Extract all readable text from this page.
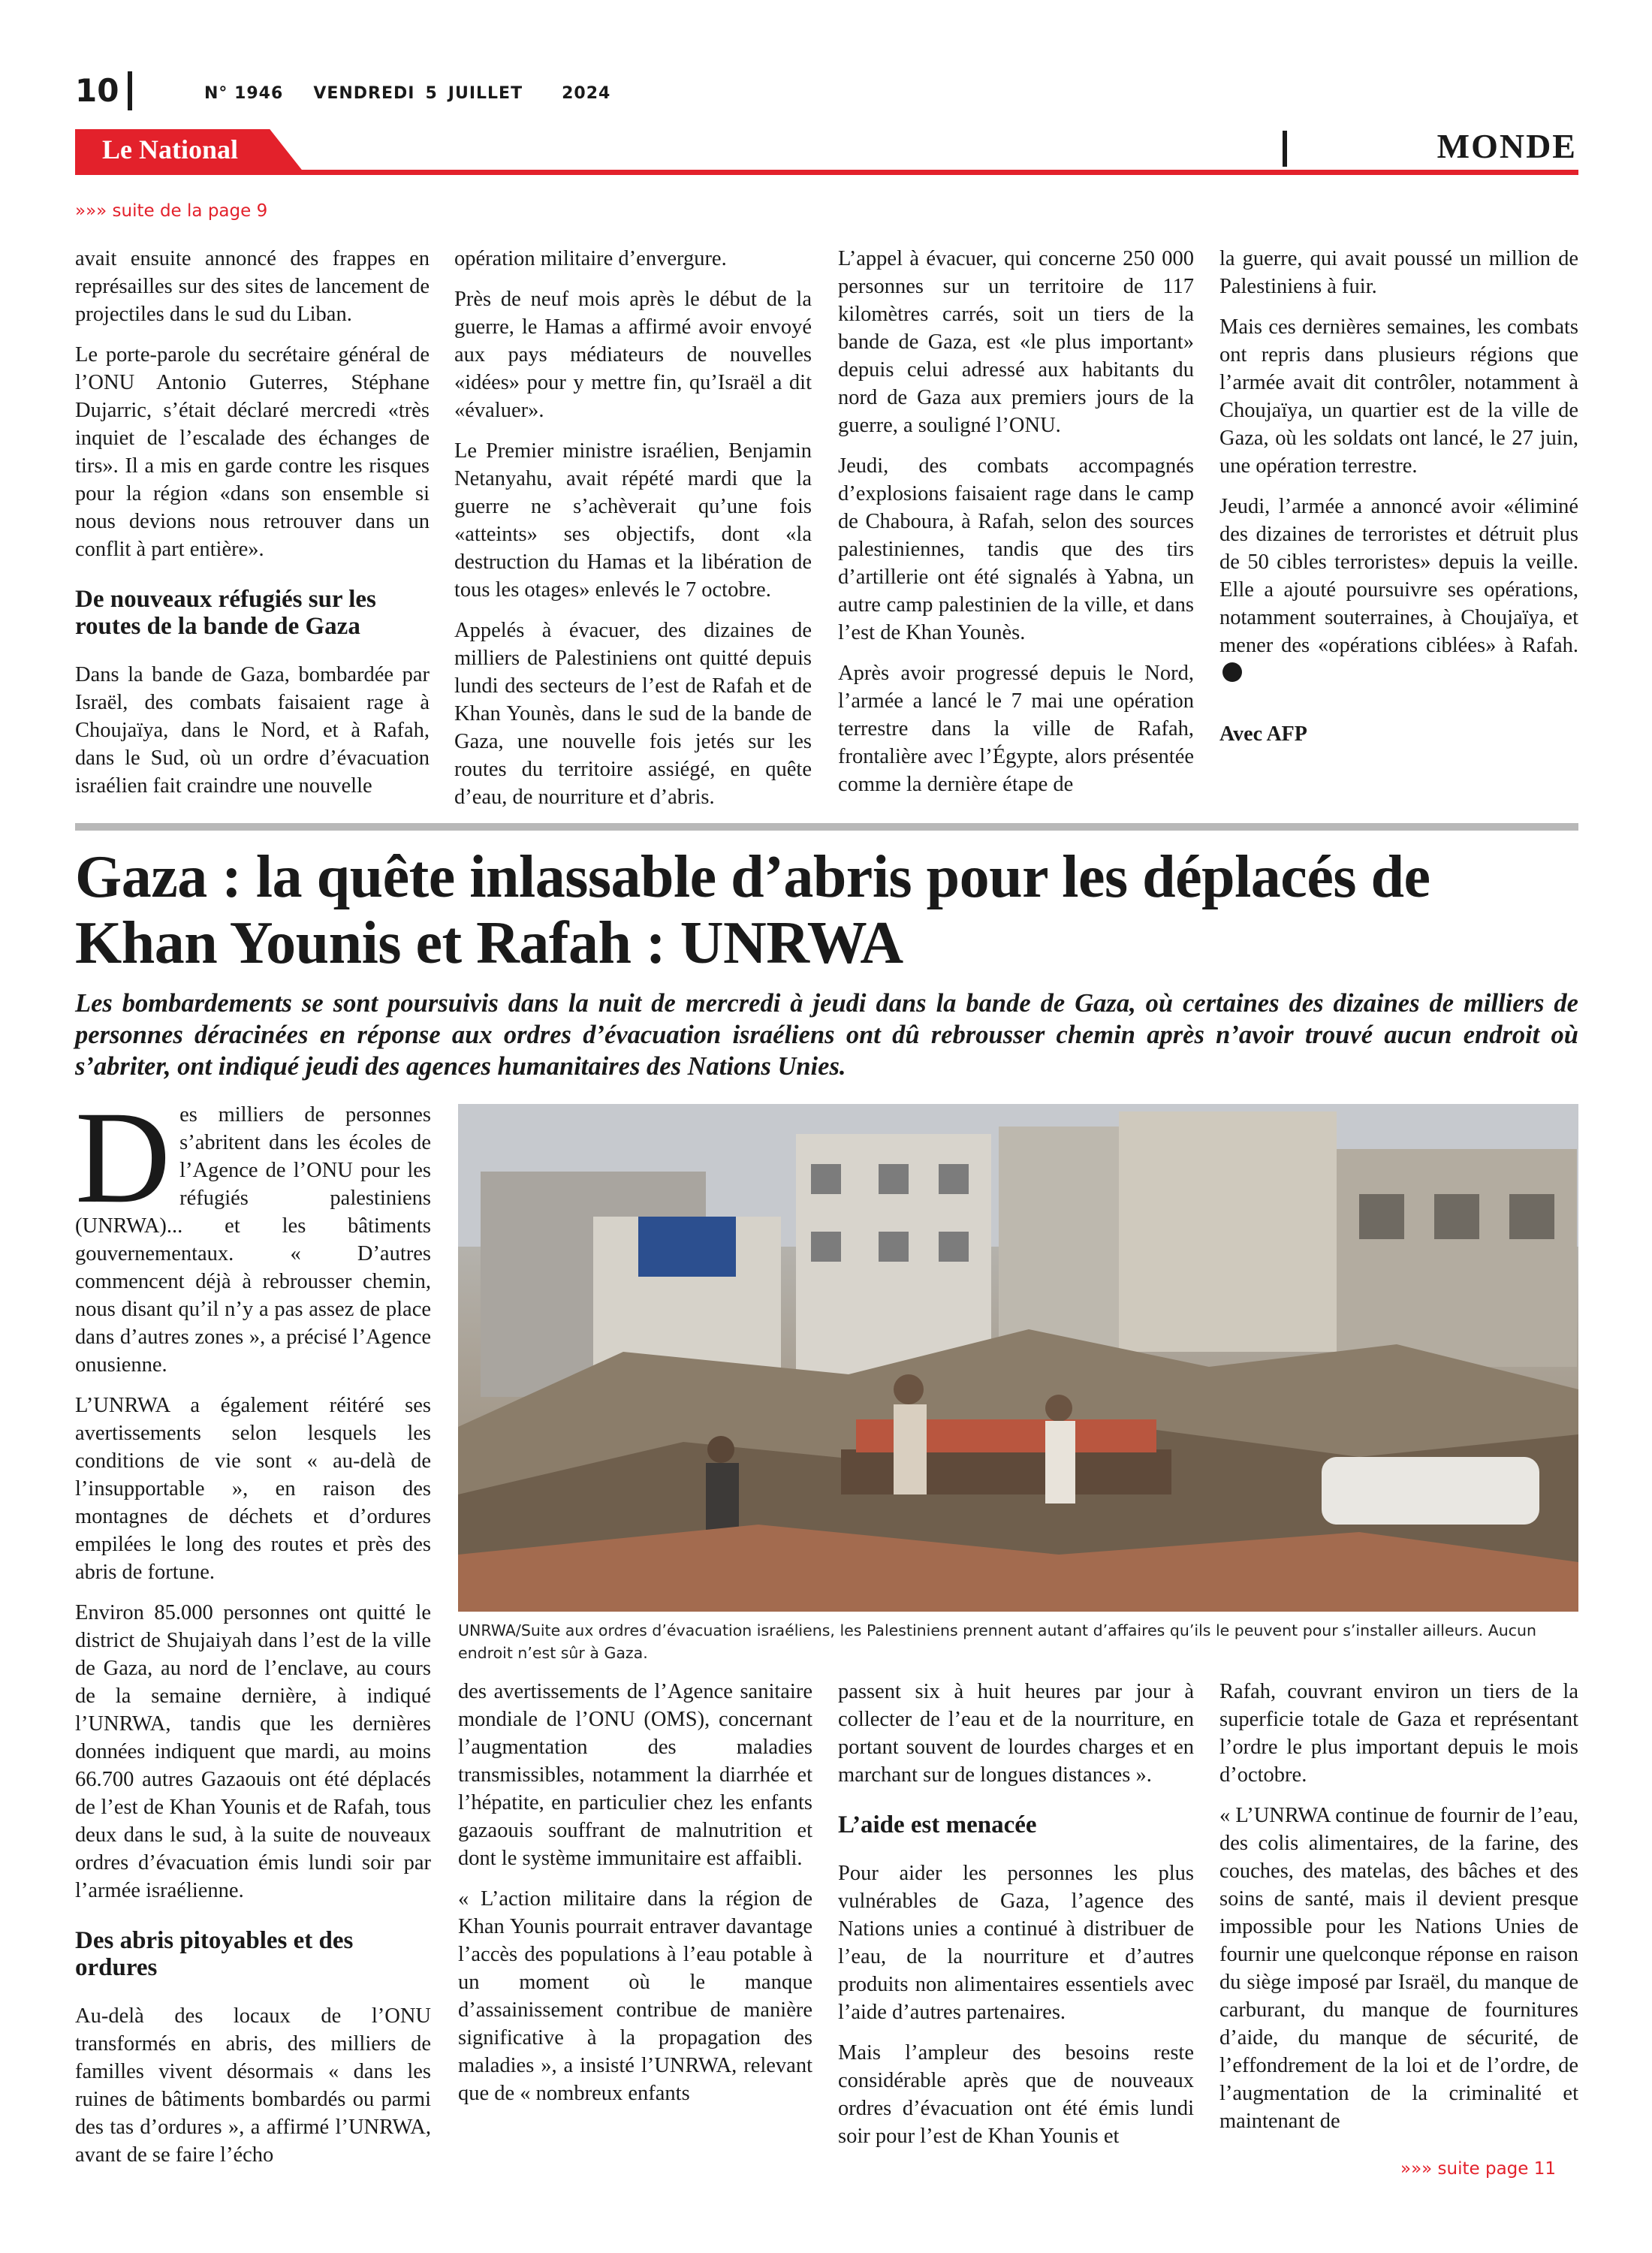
10	N° 1946 VENDREDI 5 JUILLET 2024
Le National	MONDE
»»» suite de la page 9

avait ensuite annoncé des frappes en représailles sur des sites de lancement de projectiles dans le sud du Liban.

Le porte-parole du secrétaire général de l’ONU Antonio Guterres, Stéphane Dujarric, s’était déclaré mercredi «très inquiet de l’escalade des échanges de tirs». Il a mis en garde contre les risques pour la région «dans son ensemble si nous devions nous retrouver dans un conflit à part entière».

De nouveaux réfugiés sur les routes de la bande de Gaza

Dans la bande de Gaza, bombardée par Israël, des combats faisaient rage à Choujaïya, dans le Nord, et à Rafah, dans le Sud, où un ordre d’évacuation israélien fait craindre une nouvelle

opération militaire d’envergure.

Près de neuf mois après le début de la guerre, le Hamas a affirmé avoir envoyé aux pays médiateurs de nouvelles «idées» pour y mettre fin, qu’Israël a dit «évaluer».

Le Premier ministre israélien, Benjamin Netanyahu, avait répété mardi que la guerre ne s’achèverait qu’une fois «atteints» ses objectifs, dont «la destruction du Hamas et la libération de tous les otages» enlevés le 7 octobre.

Appelés à évacuer, des dizaines de milliers de Palestiniens ont quitté depuis lundi des secteurs de l’est de Rafah et de Khan Younès, dans le sud de la bande de Gaza, une nouvelle fois jetés sur les routes du territoire assiégé, en quête d’eau, de nourriture et d’abris.

L’appel à évacuer, qui concerne 250 000 personnes sur un territoire de 117 kilomètres carrés, soit un tiers de la bande de Gaza, est «le plus important» depuis celui adressé aux habitants du nord de Gaza aux premiers jours de la guerre, a souligné l’ONU.

Jeudi, des combats accompagnés d’explosions faisaient rage dans le camp de Chaboura, à Rafah, selon des sources palestiniennes, tandis que des tirs d’artillerie ont été signalés à Yabna, un autre camp palestinien de la ville, et dans l’est de Khan Younès.

Après avoir progressé depuis le Nord, l’armée a lancé le 7 mai une opération terrestre dans la ville de Rafah, frontalière avec l’Égypte, alors présentée comme la dernière étape de

la guerre, qui avait poussé un million de Palestiniens à fuir.

Mais ces dernières semaines, les combats ont repris dans plusieurs régions que l’armée avait dit contrôler, notamment à Choujaïya, un quartier est de la ville de Gaza, où les soldats ont lancé, le 27 juin, une opération terrestre.

Jeudi, l’armée a annoncé avoir «éliminé des dizaines de terroristes et détruit plus de 50 cibles terroristes» depuis la veille. Elle a ajouté poursuivre ses opérations, notamment souterraines, à Choujaïya, et mener des «opérations ciblées» à Rafah.

Avec AFP
Gaza : la quête inlassable d’abris pour les déplacés de Khan Younis et Rafah : UNRWA
Les bombardements se sont poursuivis dans la nuit de mercredi à jeudi dans la bande de Gaza, où certaines des dizaines de milliers de personnes déracinées en réponse aux ordres d’évacuation israéliens ont dû rebrousser chemin après n’avoir trouvé aucun endroit où s’abriter, ont indiqué jeudi des agences humanitaires des Nations Unies.

Des milliers de personnes s’abritent dans les écoles de l’Agence de l’ONU pour les réfugiés palestiniens (UNRWA)... et les bâtiments gouvernementaux. « D’autres commencent déjà à rebrousser chemin, nous disant qu’il n’y a pas assez de place dans d’autres zones », a précisé l’Agence onusienne.

L’UNRWA a également réitéré ses avertissements selon lesquels les conditions de vie sont « au-delà de l’insupportable », en raison des montagnes de déchets et d’ordures empilées le long des routes et près des abris de fortune.

Environ 85.000 personnes ont quitté le district de Shujaiyah dans l’est de la ville de Gaza, au nord de l’enclave, au cours de la semaine dernière, à indiqué l’UNRWA, tandis que les dernières données indiquent que mardi, au moins 66.700 autres Gazaouis ont été déplacés de l’est de Khan Younis et de Rafah, tous deux dans le sud, à la suite de nouveaux ordres d’évacuation émis lundi soir par l’armée israélienne.

Des abris pitoyables et des ordures

Au-delà des locaux de l’ONU transformés en abris, des milliers de familles vivent désormais « dans les ruines de bâtiments bombardés ou parmi des tas d’ordures », a affirmé l’UNRWA, avant de se faire l’écho

UNRWA/Suite aux ordres d’évacuation israéliens, les Palestiniens prennent autant d’affaires qu’ils le peuvent pour s’installer ailleurs. Aucun endroit n’est sûr à Gaza.

des avertissements de l’Agence sanitaire mondiale de l’ONU (OMS), concernant l’augmentation des maladies transmissibles, notamment la diarrhée et l’hépatite, en particulier chez les enfants gazaouis souffrant de malnutrition et dont le système immunitaire est affaibli.

« L’action militaire dans la région de Khan Younis pourrait entraver davantage l’accès des populations à l’eau potable à un moment où le manque d’assainissement contribue de manière significative à la propagation des maladies », a insisté l’UNRWA, relevant que de « nombreux enfants

passent six à huit heures par jour à collecter de l’eau et de la nourriture, en portant souvent de lourdes charges et en marchant sur de longues distances ».

L’aide est menacée

Pour aider les personnes les plus vulnérables de Gaza, l’agence des Nations unies a continué à distribuer de l’eau, de la nourriture et d’autres produits non alimentaires essentiels avec l’aide d’autres partenaires.

Mais l’ampleur des besoins reste considérable après que de nouveaux ordres d’évacuation ont été émis lundi soir pour l’est de Khan Younis et

Rafah, couvrant environ un tiers de la superficie totale de Gaza et représentant l’ordre le plus important depuis le mois d’octobre.

« L’UNRWA continue de fournir de l’eau, des colis alimentaires, de la farine, des couches, des matelas, des bâches et des soins de santé, mais il devient presque impossible pour les Nations Unies de fournir une quelconque réponse en raison du siège imposé par Israël, du manque de carburant, du manque de fournitures d’aide, du manque de sécurité, de l’effondrement de la loi et de l’ordre, de l’augmentation de la criminalité et maintenant de

»»» suite page 11
